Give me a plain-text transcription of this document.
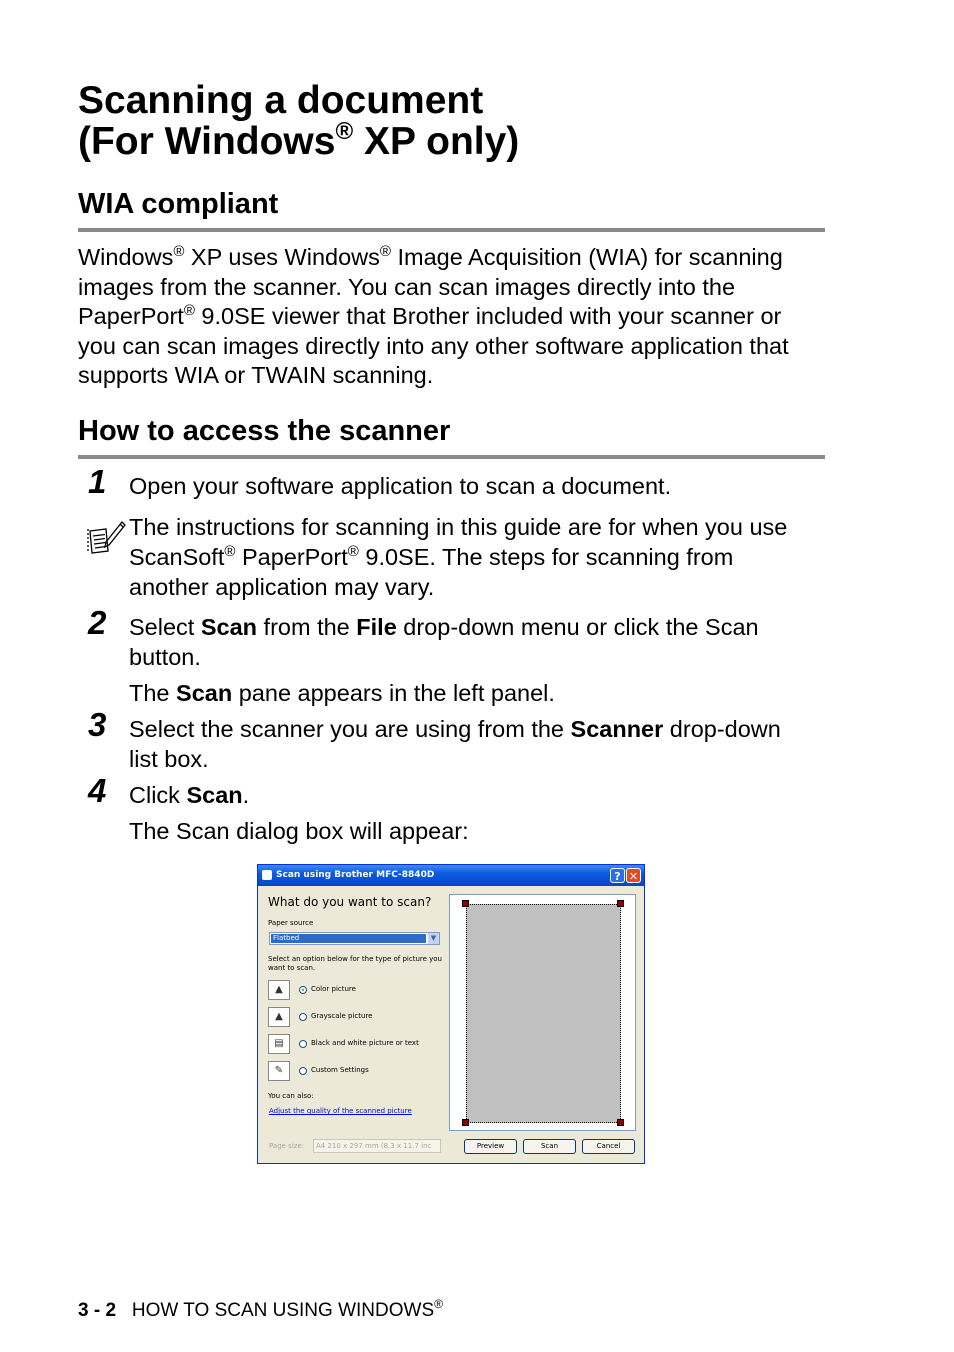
Scanning a document
(For Windows® XP only)
WIA compliant
Windows® XP uses Windows® Image Acquisition (WIA) for scanning
images from the scanner. You can scan images directly into the
PaperPort® 9.0SE viewer that Brother included with your scanner or
you can scan images directly into any other software application that
supports WIA or TWAIN scanning.
How to access the scanner
1 Open your software application to scan a document.
The instructions for scanning in this guide are for when you use
ScanSoft® PaperPort® 9.0SE. The steps for scanning from
another application may vary.
2 Select Scan from the File drop-down menu or click the Scan
button.
The Scan pane appears in the left panel.
3 Select the scanner you are using from the Scanner drop-down
list box.
4 Click Scan.
The Scan dialog box will appear:
Scan using Brother MFC-8840D	? ✕
What do you want to scan?
Paper source
Flatbed	▼
Select an option below for the type of picture you
want to scan.
▲	Color picture
▲	Grayscale picture
▤	Black and white picture or text
✎	Custom Settings
You can also:
Adjust the quality of the scanned picture
Page size:	A4 210 x 297 mm (8.3 x 11.7 inc	Preview	Scan	Cancel
3 - 2 HOW TO SCAN USING WINDOWS®
